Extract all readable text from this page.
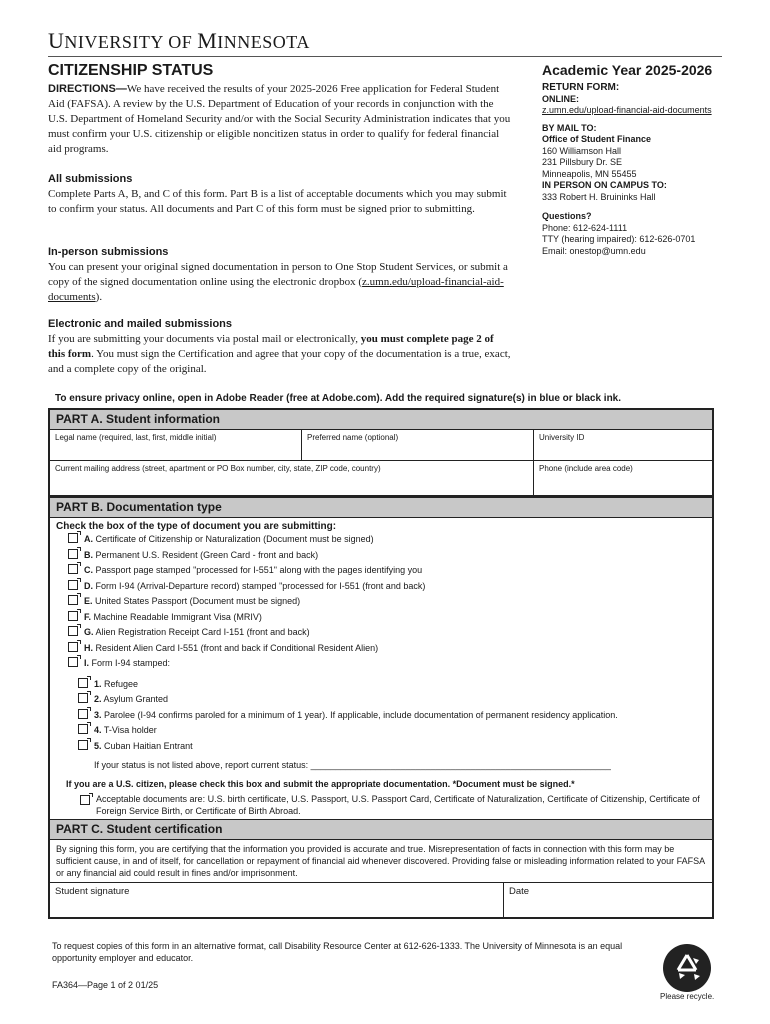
UNIVERSITY OF MINNESOTA
CITIZENSHIP STATUS	Academic Year 2025-2026
RETURN FORM:
ONLINE:
z.umn.edu/upload-financial-aid-documents
BY MAIL TO:
Office of Student Finance
160 Williamson Hall
231 Pillsbury Dr. SE
Minneapolis, MN 55455
IN PERSON ON CAMPUS TO:
333 Robert H. Bruininks Hall
Questions?
Phone: 612-624-1111
TTY (hearing impaired): 612-626-0701
Email: onestop@umn.edu
DIRECTIONS—We have received the results of your 2025-2026 Free application for Federal Student Aid (FAFSA). A review by the U.S. Department of Education of your records in conjunction with the U.S. Department of Homeland Security and/or with the Social Security Administration indicates that you must confirm your U.S. citizenship or eligible noncitizen status in order to qualify for federal financial aid programs.
All submissions
Complete Parts A, B, and C of this form. Part B is a list of acceptable documents which you may submit to confirm your status. All documents and Part C of this form must be signed prior to submitting.
In-person submissions
You can present your original signed documentation in person to One Stop Student Services, or submit a copy of the signed documentation online using the electronic dropbox (z.umn.edu/upload-financial-aid-documents).
Electronic and mailed submissions
If you are submitting your documents via postal mail or electronically, you must complete page 2 of this form. You must sign the Certification and agree that your copy of the documentation is a true, exact, and a complete copy of the original.
To ensure privacy online, open in Adobe Reader (free at Adobe.com). Add the required signature(s) in blue or black ink.
PART A. Student information
Legal name (required, last, first, middle initial)	Preferred name (optional)	University ID
Current mailing address (street, apartment or PO Box number, city, state, ZIP code, country)	Phone (include area code)
PART B. Documentation type
Check the box of the type of document you are submitting:
A. Certificate of Citizenship or Naturalization (Document must be signed)
B. Permanent U.S. Resident (Green Card - front and back)
C. Passport page stamped "processed for I-551" along with the pages identifying you
D. Form I-94 (Arrival-Departure record) stamped "processed for I-551 (front and back)
E. United States Passport (Document must be signed)
F. Machine Readable Immigrant Visa (MRIV)
G. Alien Registration Receipt Card I-151 (front and back)
H. Resident Alien Card I-551 (front and back if Conditional Resident Alien)
I. Form I-94 stamped:
1. Refugee
2. Asylum Granted
3. Parolee (I-94 confirms paroled for a minimum of 1 year). If applicable, include documentation of permanent residency application.
4. T-Visa holder
5. Cuban Haitian Entrant
If your status is not listed above, report current status: ____________________________________________________________
If you are a U.S. citizen, please check this box and submit the appropriate documentation. *Document must be signed.*
Acceptable documents are: U.S. birth certificate, U.S. Passport, U.S. Passport Card, Certificate of Naturalization, Certificate of Citizenship, Certificate of Foreign Service Birth, or Certificate of Birth Abroad.
PART C. Student certification
By signing this form, you are certifying that the information you provided is accurate and true. Misrepresentation of facts in connection with this form may be sufficient cause, in and of itself, for cancellation or repayment of financial aid whenever discovered. Providing false or misleading information related to your FAFSA or any financial aid could result in fines and/or imprisonment.
Student signature	Date
To request copies of this form in an alternative format, call Disability Resource Center at 612-626-1333. The University of Minnesota is an equal opportunity employer and educator.
FA364—Page 1 of 2 01/25
Please recycle.
